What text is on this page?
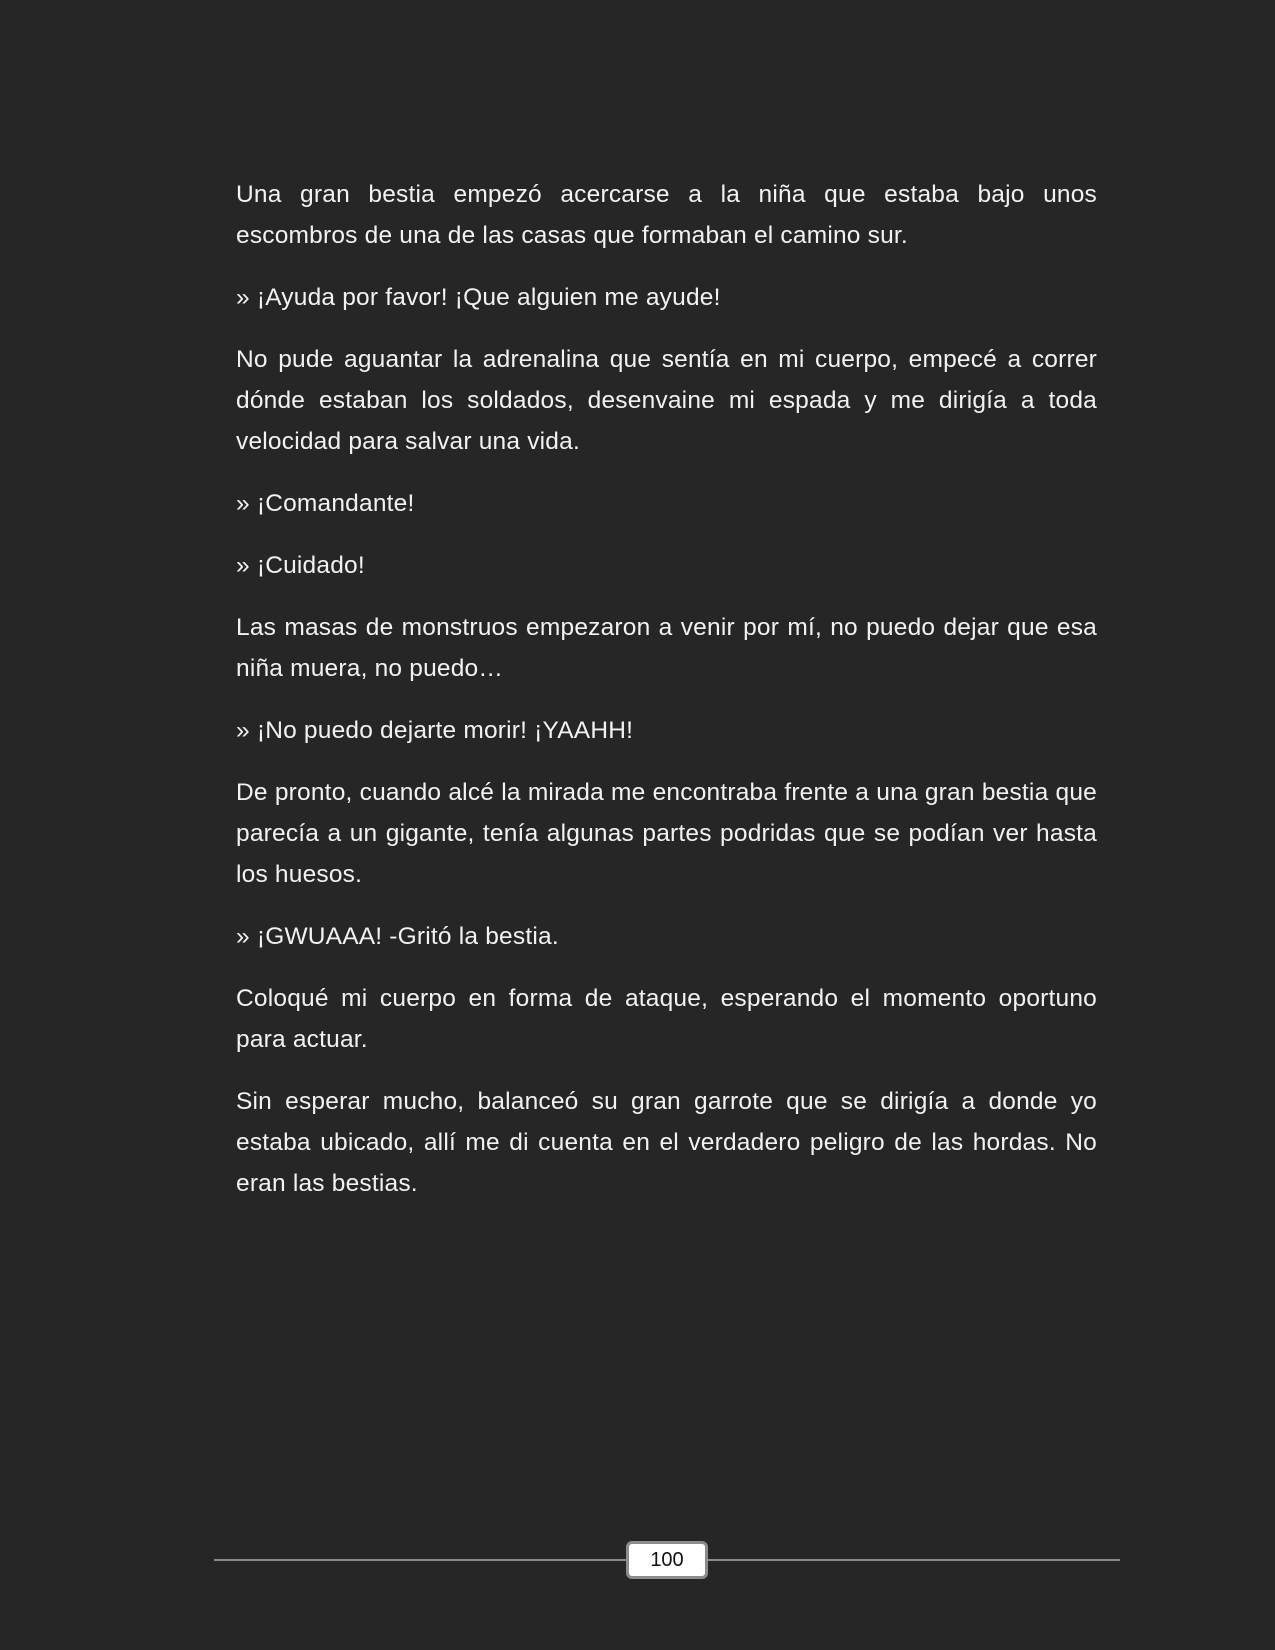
Una gran bestia empezó acercarse a la niña que estaba bajo unos escombros de una de las casas que formaban el camino sur.

» ¡Ayuda por favor! ¡Que alguien me ayude!

No pude aguantar la adrenalina que sentía en mi cuerpo, empecé a correr dónde estaban los soldados, desenvaine mi espada y me dirigía a toda velocidad para salvar una vida.

» ¡Comandante!

» ¡Cuidado!

Las masas de monstruos empezaron a venir por mí, no puedo dejar que esa niña muera, no puedo…

» ¡No puedo dejarte morir! ¡YAAHH!

De pronto, cuando alcé la mirada me encontraba frente a una gran bestia que parecía a un gigante, tenía algunas partes podridas que se podían ver hasta los huesos.

» ¡GWUAAA! -Gritó la bestia.

Coloqué mi cuerpo en forma de ataque, esperando el momento oportuno para actuar.

Sin esperar mucho, balanceó su gran garrote que se dirigía a donde yo estaba ubicado, allí me di cuenta en el verdadero peligro de las hordas. No eran las bestias.

100
